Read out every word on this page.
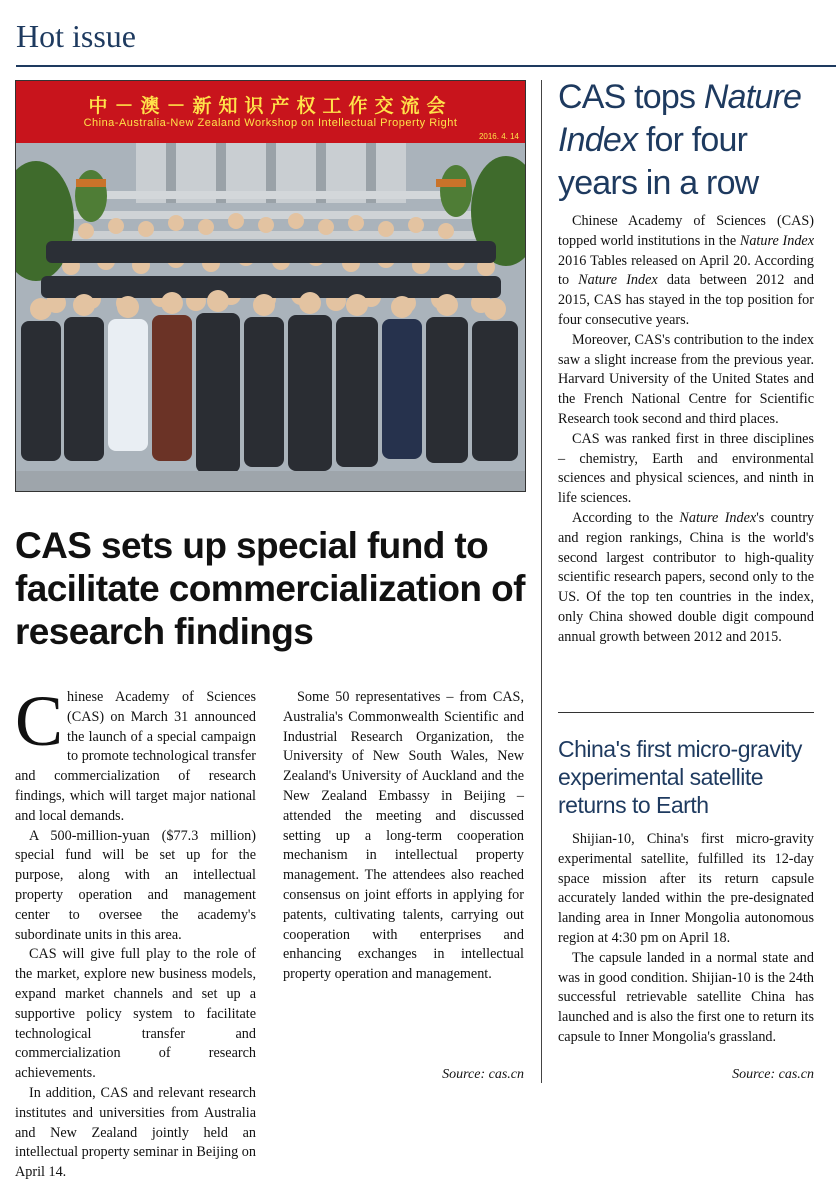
Hot issue
中－澳－新知识产权工作交流会
China-Australia-New Zealand Workshop on Intellectual Property Right
2016. 4. 14
CAS sets up special fund to facilitate commercialization of research findings

Chinese Academy of Sciences (CAS) on March 31 announced the launch of a special campaign to promote technological transfer and commercialization of research findings, which will target major national and local demands.

A 500-million-yuan ($77.3 million) special fund will be set up for the purpose, along with an intellectual property operation and management center to oversee the academy's subordinate units in this area.

CAS will give full play to the role of the market, explore new business models, expand market channels and set up a supportive policy system to facilitate technological transfer and commercialization of research achievements.

In addition, CAS and relevant research institutes and universities from Australia and New Zealand jointly held an intellectual property seminar in Beijing on April 14.

Some 50 representatives – from CAS, Australia's Commonwealth Scientific and Industrial Research Organization, the University of New South Wales, New Zealand's University of Auckland and the New Zealand Embassy in Beijing – attended the meeting and discussed setting up a long-term cooperation mechanism in intellectual property management. The attendees also reached consensus on joint efforts in applying for patents, cultivating talents, carrying out cooperation with enterprises and enhancing exchanges in intellectual property operation and management.

Source: cas.cn
CAS tops Nature Index for four years in a row

Chinese Academy of Sciences (CAS) topped world institutions in the Nature Index 2016 Tables released on April 20. According to Nature Index data between 2012 and 2015, CAS has stayed in the top position for four consecutive years.

Moreover, CAS's contribution to the index saw a slight increase from the previous year. Harvard University of the United States and the French National Centre for Scientific Research took second and third places.

CAS was ranked first in three disciplines – chemistry, Earth and environmental sciences and physical sciences, and ninth in life sciences.

According to the Nature Index's country and region rankings, China is the world's second largest contributor to high-quality scientific research papers, second only to the US. Of the top ten countries in the index, only China showed double digit compound annual growth between 2012 and 2015.

China's first micro-gravity experimental satellite returns to Earth

Shijian-10, China's first micro-gravity experimental satellite, fulfilled its 12-day space mission after its return capsule accurately landed within the pre-designated landing area in Inner Mongolia autonomous region at 4:30 pm on April 18.

The capsule landed in a normal state and was in good condition. Shijian-10 is the 24th successful retrievable satellite China has launched and is also the first one to return its capsule to Inner Mongolia's grassland.

Source: cas.cn
